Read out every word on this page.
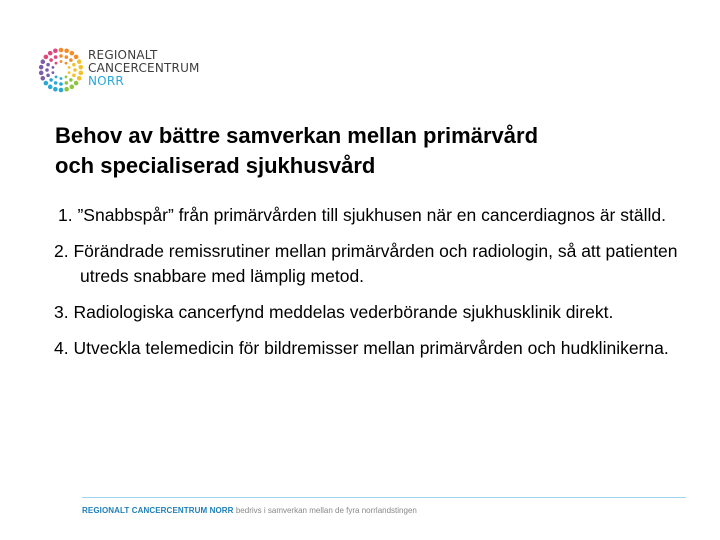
REGIONALT
CANCERCENTRUM
NORR
Behov av bättre samverkan mellan primärvård
och specialiserad sjukhusvård
1. ”Snabbspår” från primärvården till sjukhusen när en cancerdiagnos är ställd.
2. Förändrade remissrutiner mellan primärvården och radiologin, så att patienten utreds snabbare med lämplig metod.
3. Radiologiska cancerfynd meddelas vederbörande sjukhusklinik direkt.
4. Utveckla telemedicin för bildremisser mellan primärvården och hudklinikerna.
REGIONALT CANCERCENTRUM NORR bedrivs i samverkan mellan de fyra norrlandstingen
